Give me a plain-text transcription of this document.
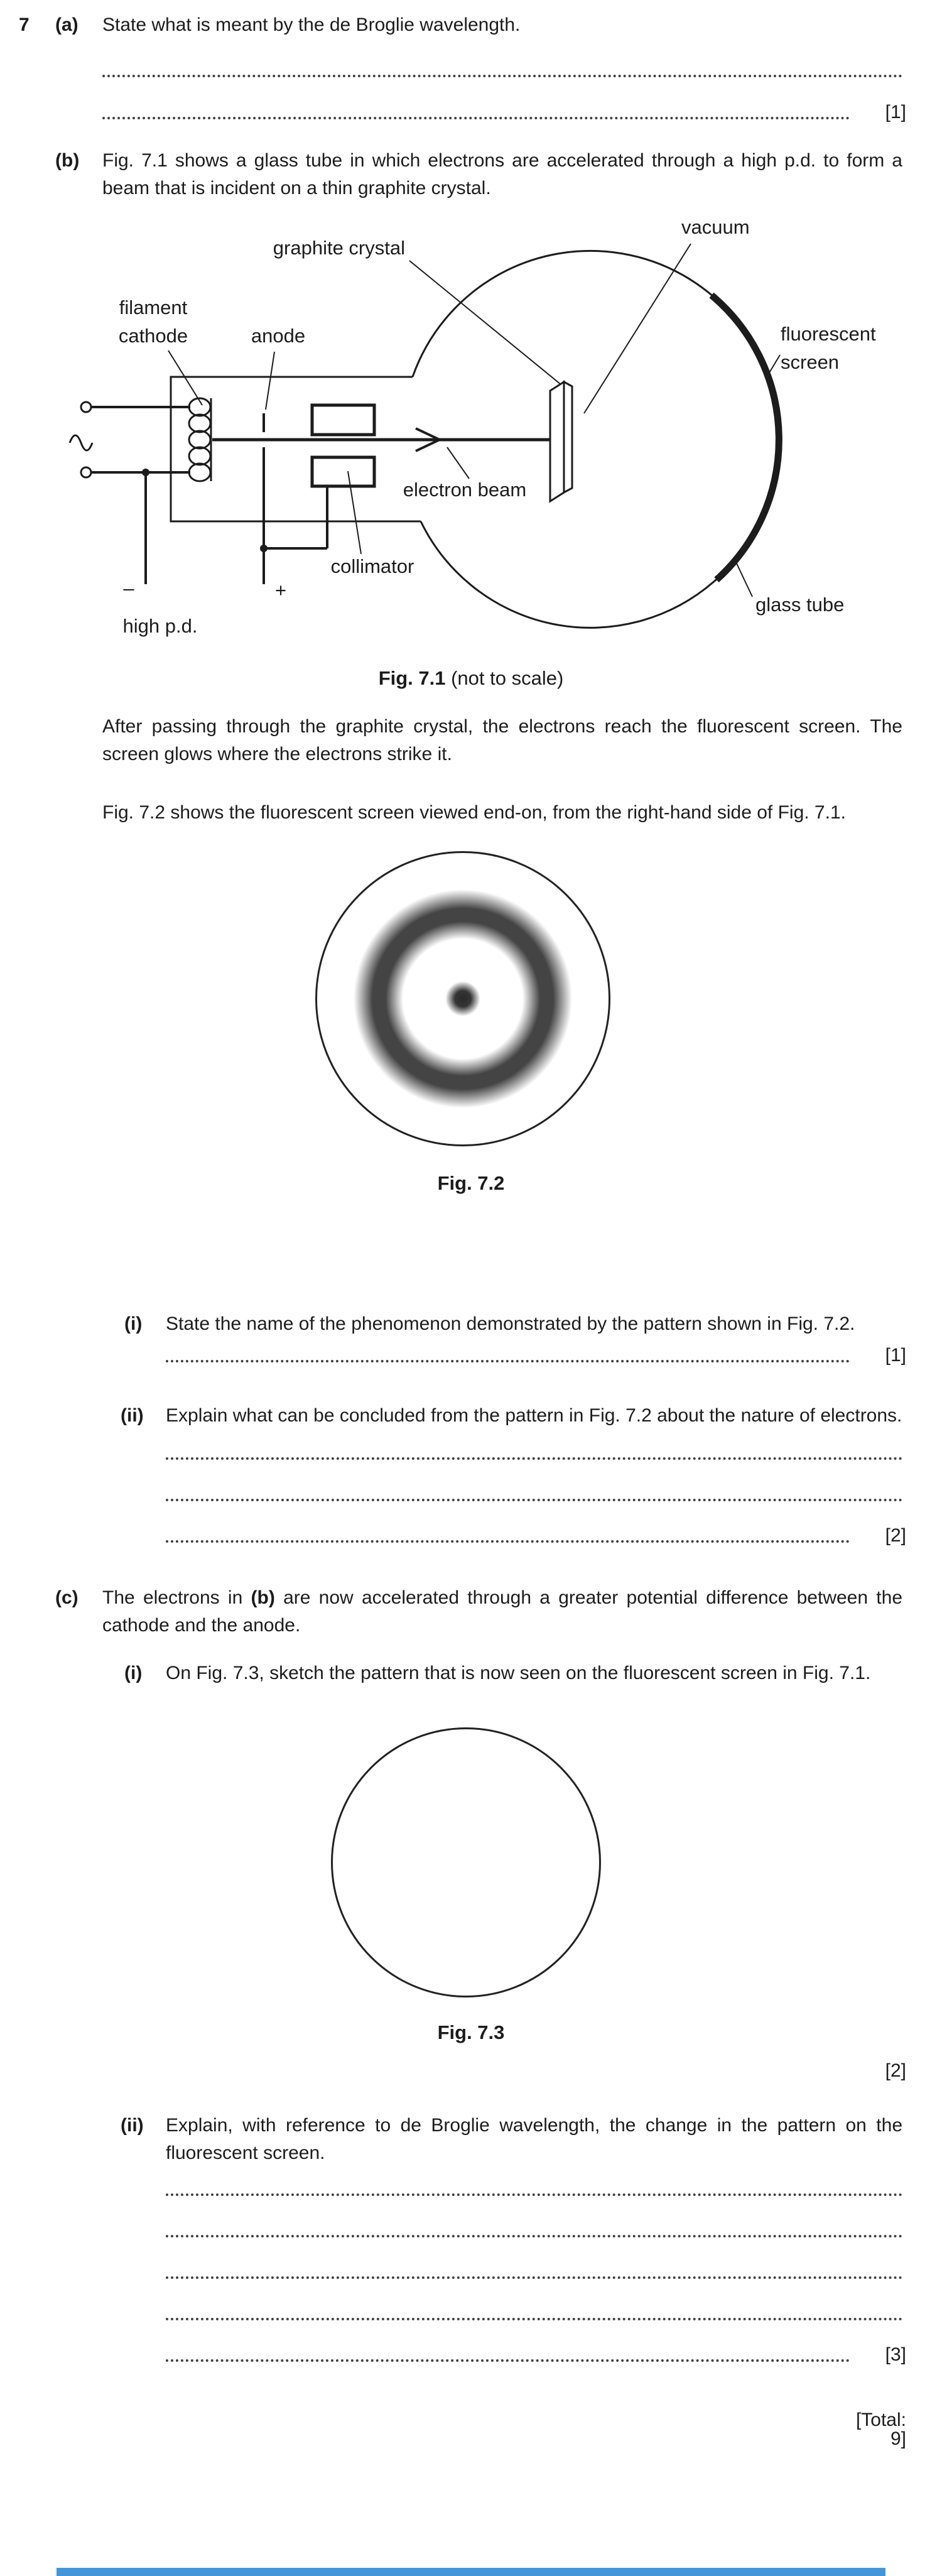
7 (a) State what is meant by the de Broglie wavelength.
[1]
(b) Fig. 7.1 shows a glass tube in which electrons are accelerated through a high p.d. to form a beam that is incident on a thin graphite crystal.
vacuum
graphite crystal
filament
cathode	anode	fluorescent
screen
electron beam
collimator
glass tube
high p.d.
–	+
Fig. 7.1 (not to scale)
After passing through the graphite crystal, the electrons reach the fluorescent screen. The screen glows where the electrons strike it.
Fig. 7.2 shows the fluorescent screen viewed end-on, from the right-hand side of Fig. 7.1.
Fig. 7.2
(i) State the name of the phenomenon demonstrated by the pattern shown in Fig. 7.2.
[1]
(ii) Explain what can be concluded from the pattern in Fig. 7.2 about the nature of electrons.
[2]
(c) The electrons in (b) are now accelerated through a greater potential difference between the cathode and the anode.
(i) On Fig. 7.3, sketch the pattern that is now seen on the fluorescent screen in Fig. 7.1.
Fig. 7.3
[2]
(ii) Explain, with reference to de Broglie wavelength, the change in the pattern on the fluorescent screen.
[3]
[Total: 9]
